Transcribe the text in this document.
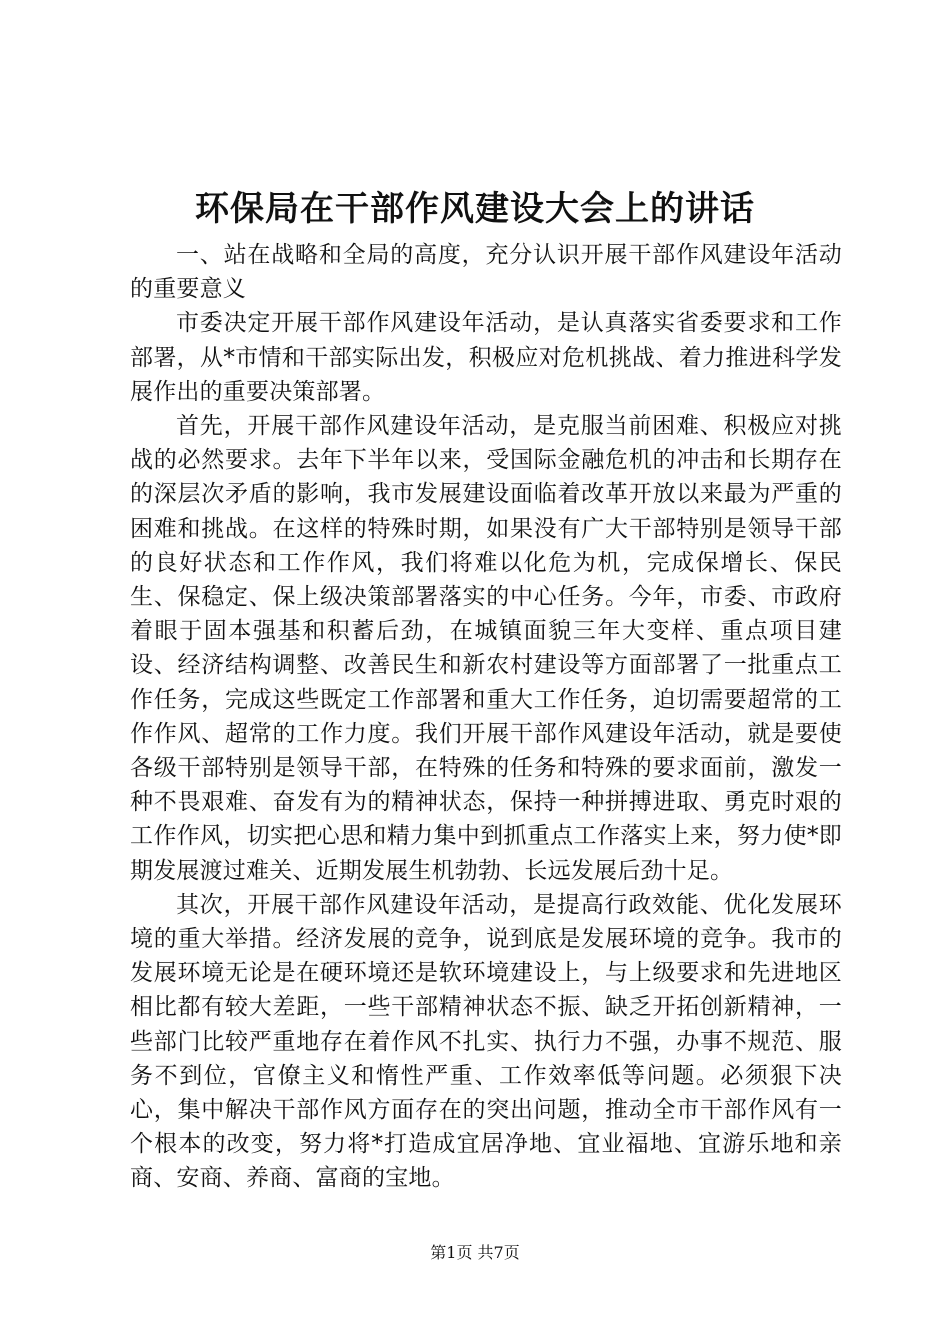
环保局在干部作风建设大会上的讲话

一、站在战略和全局的高度，充分认识开展干部作风建设年活动的重要意义

市委决定开展干部作风建设年活动，是认真落实省委要求和工作部署，从*市情和干部实际出发，积极应对危机挑战、着力推进科学发展作出的重要决策部署。

首先，开展干部作风建设年活动，是克服当前困难、积极应对挑战的必然要求。去年下半年以来，受国际金融危机的冲击和长期存在的深层次矛盾的影响，我市发展建设面临着改革开放以来最为严重的困难和挑战。在这样的特殊时期，如果没有广大干部特别是领导干部的良好状态和工作作风，我们将难以化危为机，完成保增长、保民生、保稳定、保上级决策部署落实的中心任务。今年，市委、市政府着眼于固本强基和积蓄后劲，在城镇面貌三年大变样、重点项目建设、经济结构调整、改善民生和新农村建设等方面部署了一批重点工作任务，完成这些既定工作部署和重大工作任务，迫切需要超常的工作作风、超常的工作力度。我们开展干部作风建设年活动，就是要使各级干部特别是领导干部，在特殊的任务和特殊的要求面前，激发一种不畏艰难、奋发有为的精神状态，保持一种拼搏进取、勇克时艰的工作作风，切实把心思和精力集中到抓重点工作落实上来，努力使*即期发展渡过难关、近期发展生机勃勃、长远发展后劲十足。

其次，开展干部作风建设年活动，是提高行政效能、优化发展环境的重大举措。经济发展的竞争，说到底是发展环境的竞争。我市的发展环境无论是在硬环境还是软环境建设上，与上级要求和先进地区相比都有较大差距，一些干部精神状态不振、缺乏开拓创新精神，一些部门比较严重地存在着作风不扎实、执行力不强，办事不规范、服务不到位，官僚主义和惰性严重、工作效率低等问题。必须狠下决心，集中解决干部作风方面存在的突出问题，推动全市干部作风有一个根本的改变，努力将*打造成宜居净地、宜业福地、宜游乐地和亲商、安商、养商、富商的宝地。

第1页 共7页
